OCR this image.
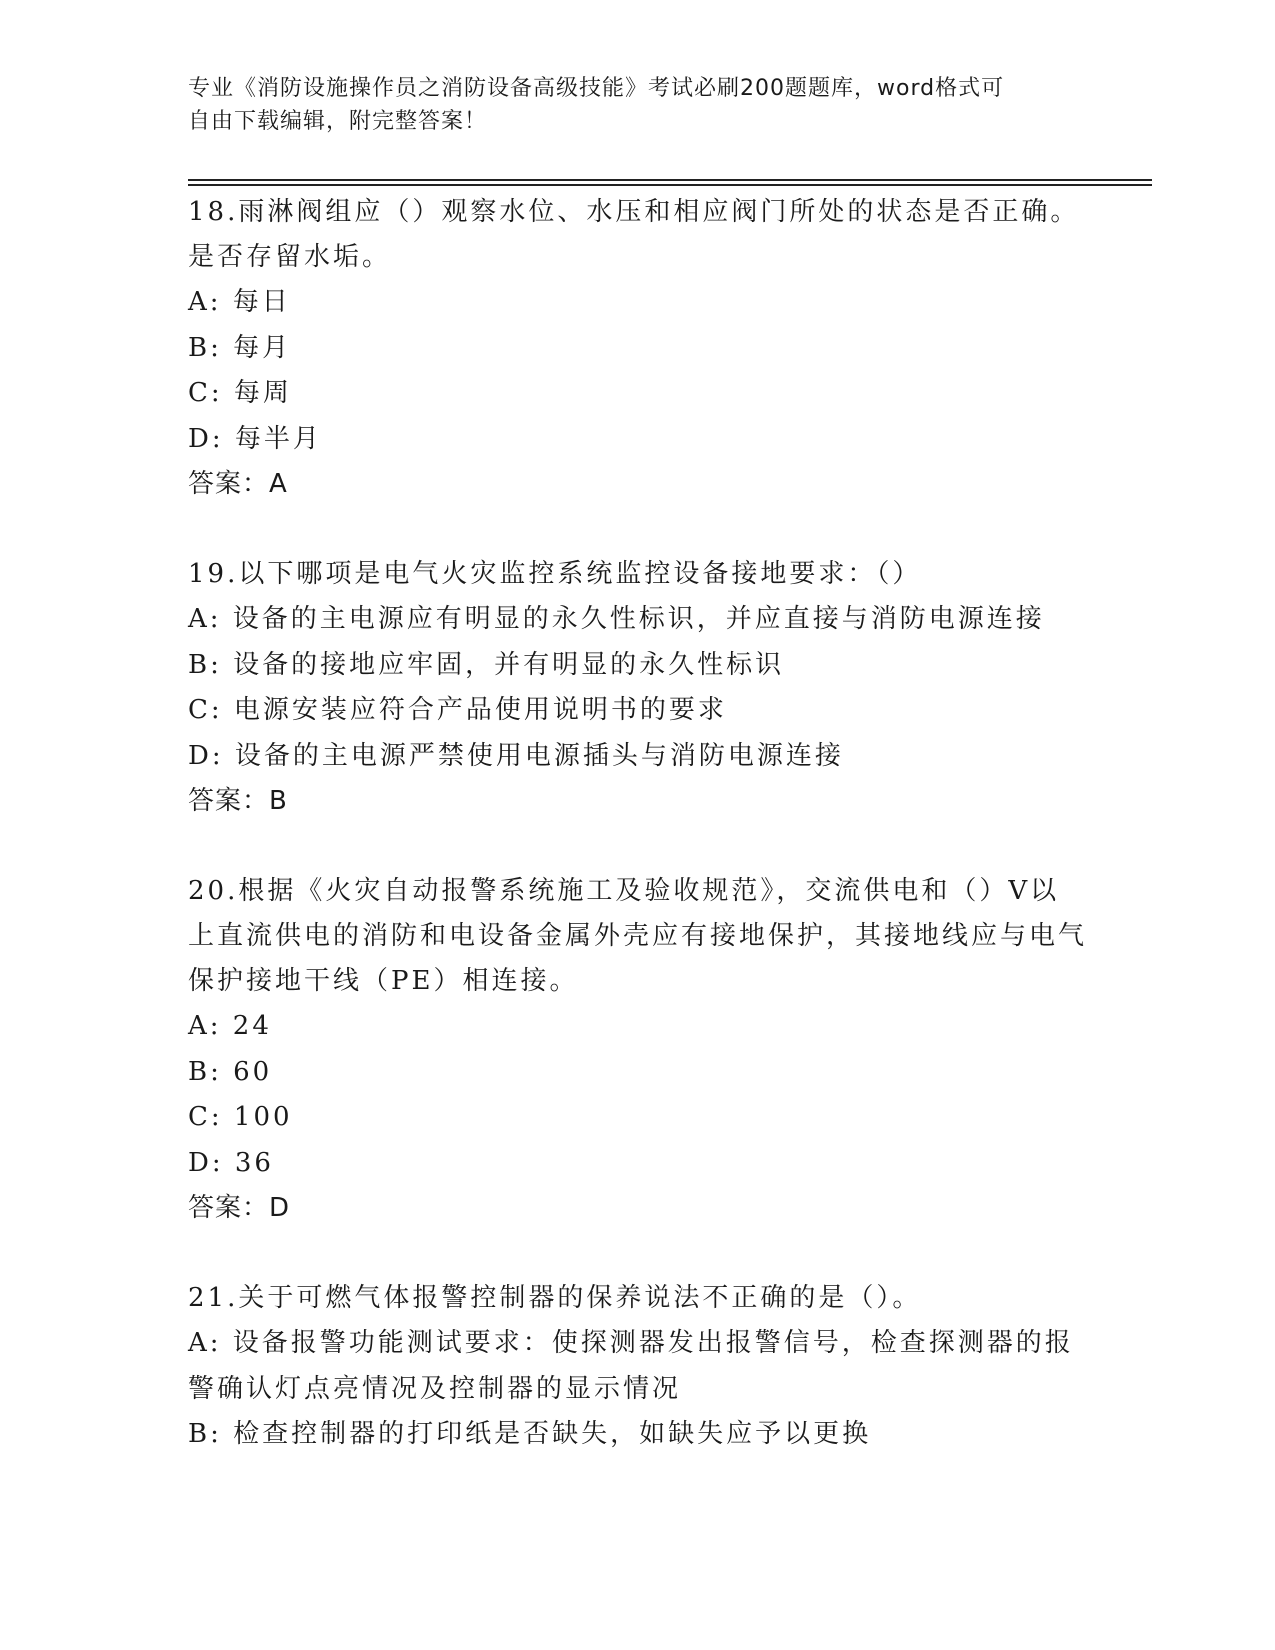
专业《消防设施操作员之消防设备高级技能》考试必刷200题题库，word格式可
自由下载编辑，附完整答案！
18.雨淋阀组应（）观察水位、水压和相应阀门所处的状态是否正确。是否存留水垢。
A: 每日
B: 每月
C: 每周
D: 每半月
答案：A
19.以下哪项是电气火灾监控系统监控设备接地要求：（）
A: 设备的主电源应有明显的永久性标识，并应直接与消防电源连接
B: 设备的接地应牢固，并有明显的永久性标识
C: 电源安装应符合产品使用说明书的要求
D: 设备的主电源严禁使用电源插头与消防电源连接
答案：B
20.根据《火灾自动报警系统施工及验收规范》，交流供电和（）V以上直流供电的消防和电设备金属外壳应有接地保护，其接地线应与电气保护接地干线（PE）相连接。
A: 24
B: 60
C: 100
D: 36
答案：D
21.关于可燃气体报警控制器的保养说法不正确的是（）。
A: 设备报警功能测试要求：使探测器发出报警信号，检查探测器的报警确认灯点亮情况及控制器的显示情况
B: 检查控制器的打印纸是否缺失，如缺失应予以更换
